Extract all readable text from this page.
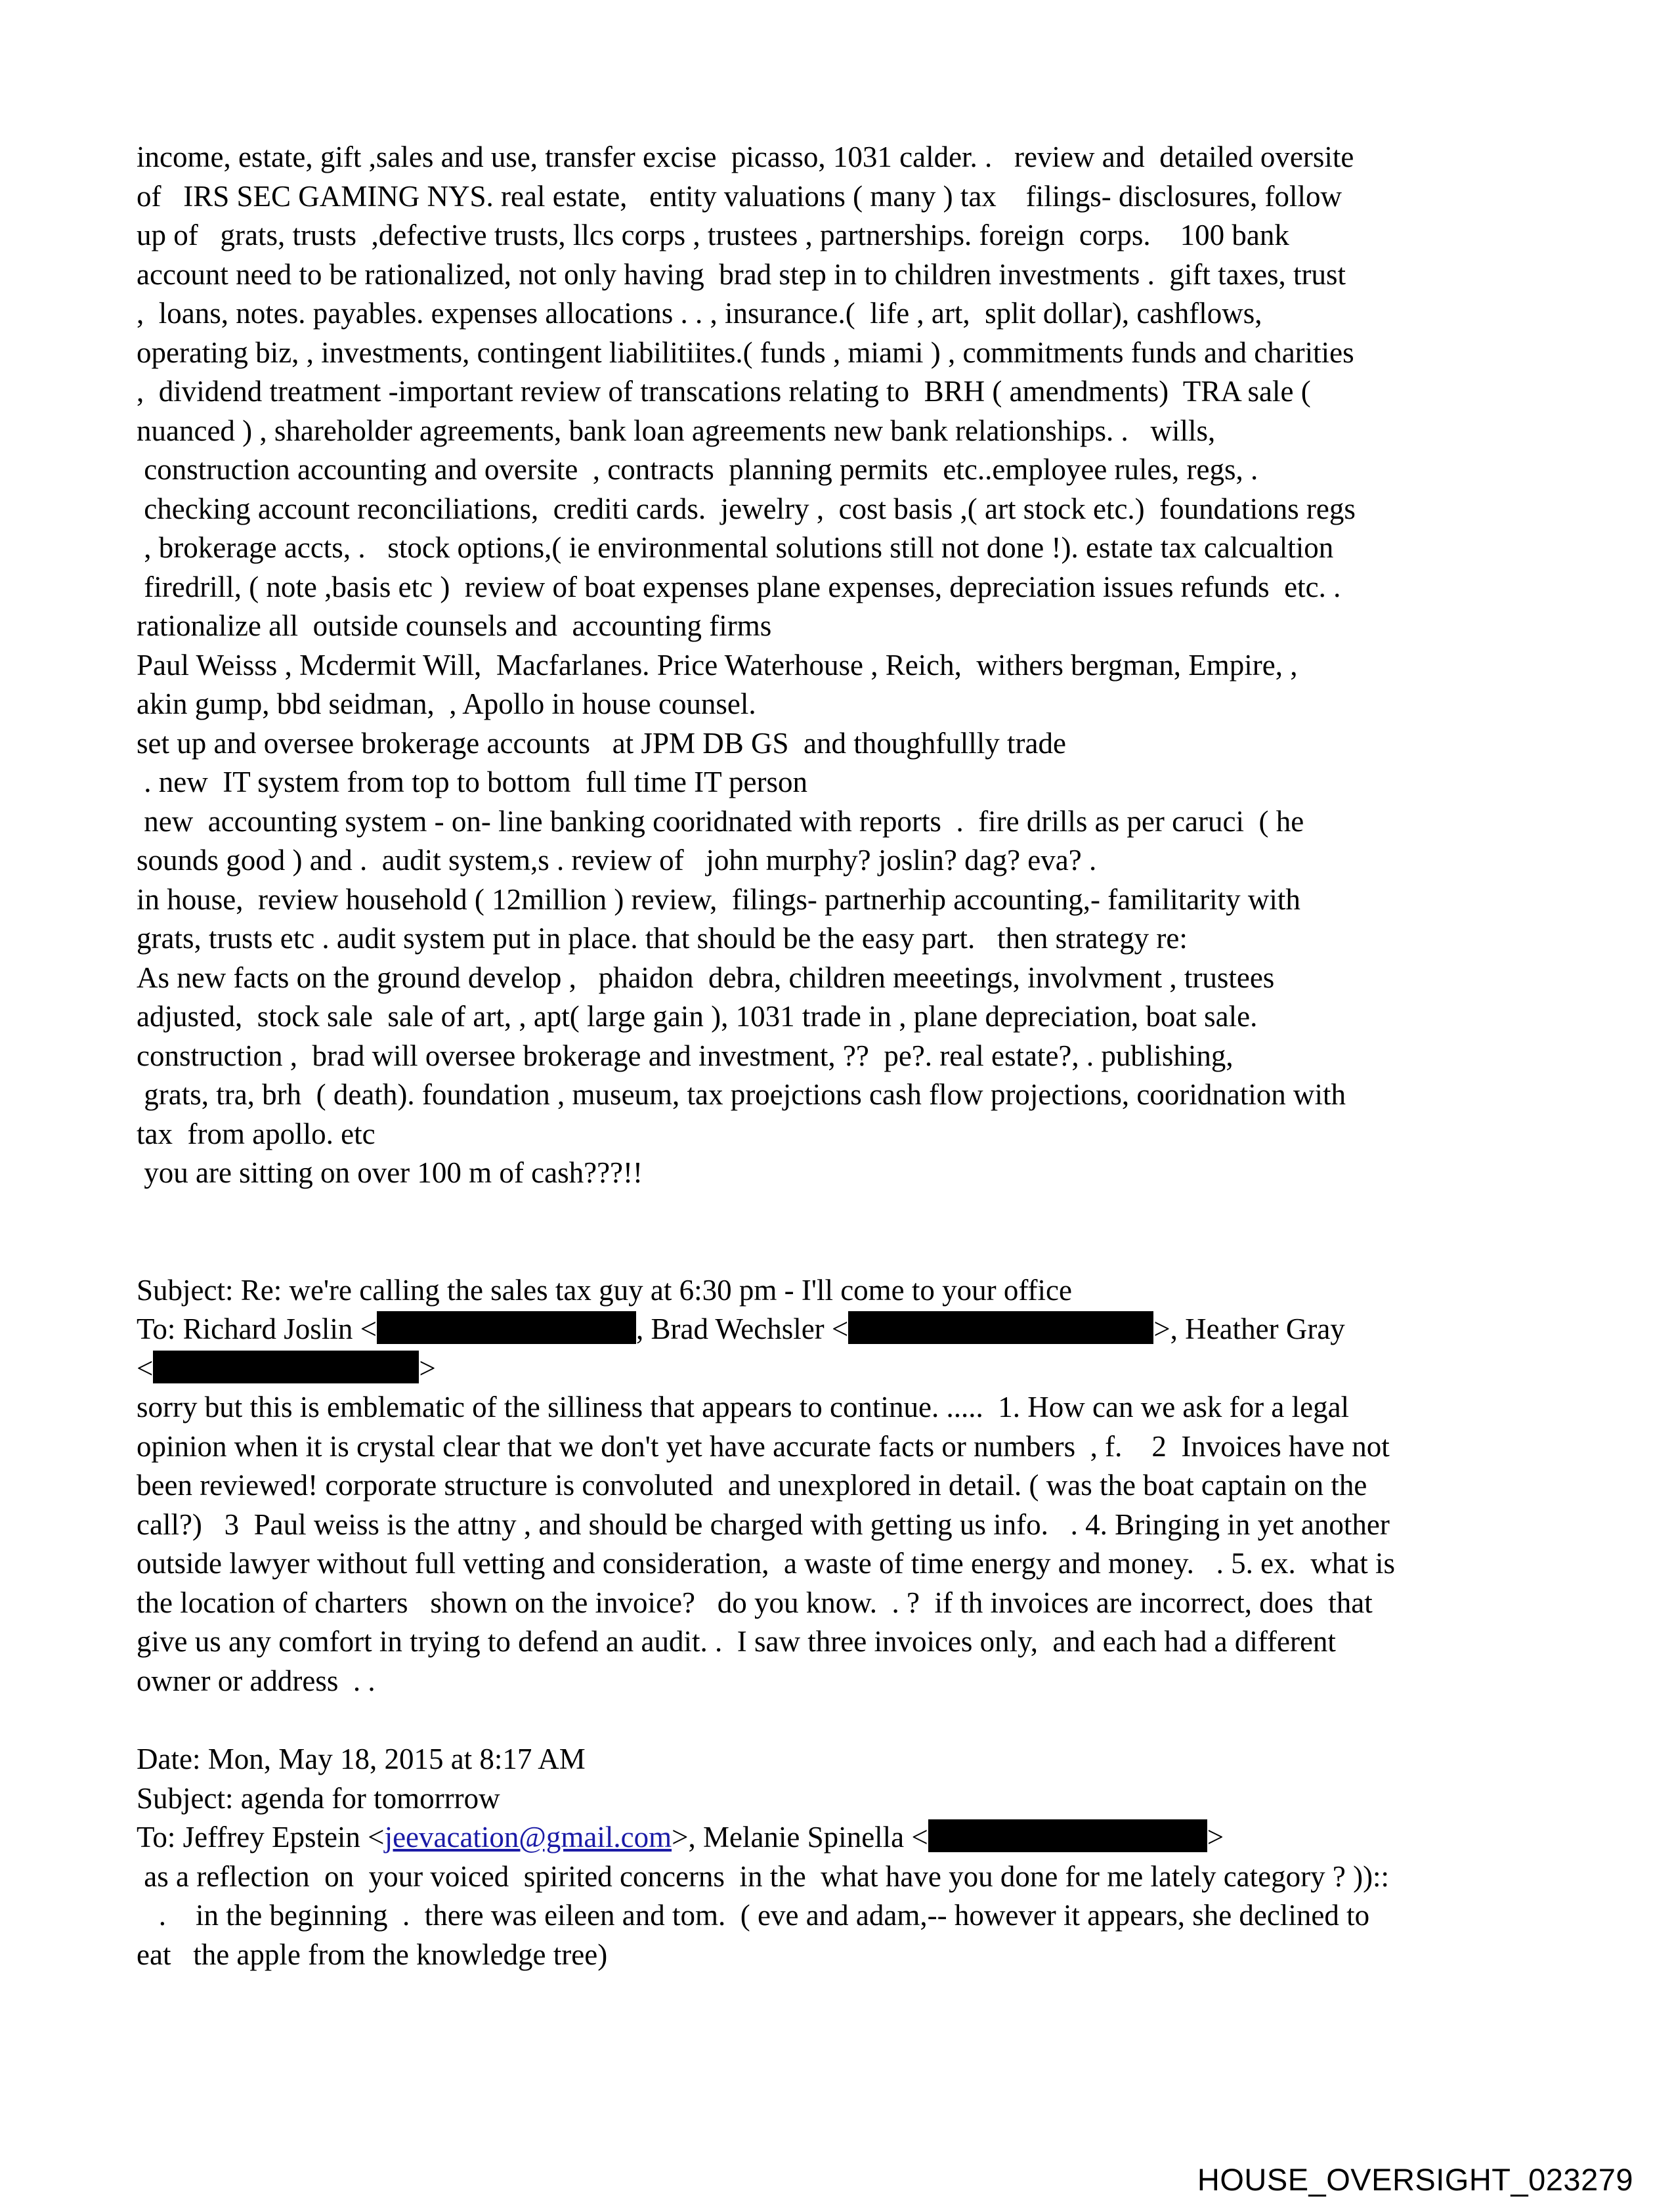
income, estate, gift ,sales and use, transfer excise  picasso, 1031 calder. .   review and  detailed oversite
of   IRS SEC GAMING NYS. real estate,   entity valuations ( many ) tax    filings- disclosures, follow
up of   grats, trusts  ,defective trusts, llcs corps , trustees , partnerships. foreign  corps.    100 bank
account need to be rationalized, not only having  brad step in to children investments .  gift taxes, trust
,  loans, notes. payables. expenses allocations . . , insurance.(  life , art,  split dollar), cashflows,
operating biz, , investments, contingent liabilitiites.( funds , miami ) , commitments funds and charities
,  dividend treatment -important review of transcations relating to  BRH ( amendments)  TRA sale (
nuanced ) , shareholder agreements, bank loan agreements new bank relationships. .   wills,
construction accounting and oversite  , contracts  planning permits  etc..employee rules, regs, .
checking account reconciliations,  crediti cards.  jewelry ,  cost basis ,( art stock etc.)  foundations regs
, brokerage accts, .   stock options,( ie environmental solutions still not done !). estate tax calcualtion
firedrill, ( note ,basis etc )  review of boat expenses plane expenses, depreciation issues refunds  etc. .
rationalize all  outside counsels and  accounting firms
Paul Weisss , Mcdermit Will,  Macfarlanes. Price Waterhouse , Reich,  withers bergman, Empire, ,
akin gump, bbd seidman,  , Apollo in house counsel.
set up and oversee brokerage accounts   at JPM DB GS  and thoughfullly trade
. new  IT system from top to bottom  full time IT person
new  accounting system - on- line banking cooridnated with reports  .  fire drills as per caruci  ( he
sounds good ) and .  audit system,s . review of   john murphy? joslin? dag? eva? .
in house,  review household ( 12million ) review,  filings- partnerhip accounting,- familitarity with
grats, trusts etc . audit system put in place. that should be the easy part.   then strategy re:
As new facts on the ground develop ,   phaidon  debra, children meeetings, involvment , trustees
adjusted,  stock sale  sale of art, , apt( large gain ), 1031 trade in , plane depreciation, boat sale.
construction ,  brad will oversee brokerage and investment, ??  pe?. real estate?, . publishing,
grats, tra, brh  ( death). foundation , museum, tax proejctions cash flow projections, cooridnation with
tax  from apollo. etc
you are sitting on over 100 m of cash???!!
Subject: Re: we're calling the sales tax guy at 6:30 pm - I'll come to your office
To: Richard Joslin <	, Brad Wechsler <	>, Heather Gray
<	>
sorry but this is emblematic of the silliness that appears to continue. .....  1. How can we ask for a legal
opinion when it is crystal clear that we don't yet have accurate facts or numbers  , f.    2  Invoices have not
been reviewed! corporate structure is convoluted  and unexplored in detail. ( was the boat captain on the
call?)   3  Paul weiss is the attny , and should be charged with getting us info.   . 4. Bringing in yet another
outside lawyer without full vetting and consideration,  a waste of time energy and money.   . 5. ex.  what is
the location of charters   shown on the invoice?   do you know.  . ?  if th invoices are incorrect, does  that
give us any comfort in trying to defend an audit. .  I saw three invoices only,  and each had a different
owner or address  . .
Date: Mon, May 18, 2015 at 8:17 AM
Subject: agenda for tomorrrow
To: Jeffrey Epstein <jeevacation@gmail.com>, Melanie Spinella <	>
as a reflection  on  your voiced  spirited concerns  in the  what have you done for me lately category ? ))::
.    in the beginning  .  there was eileen and tom.  ( eve and adam,-- however it appears, she declined to
eat   the apple from the knowledge tree)
HOUSE_OVERSIGHT_023279
